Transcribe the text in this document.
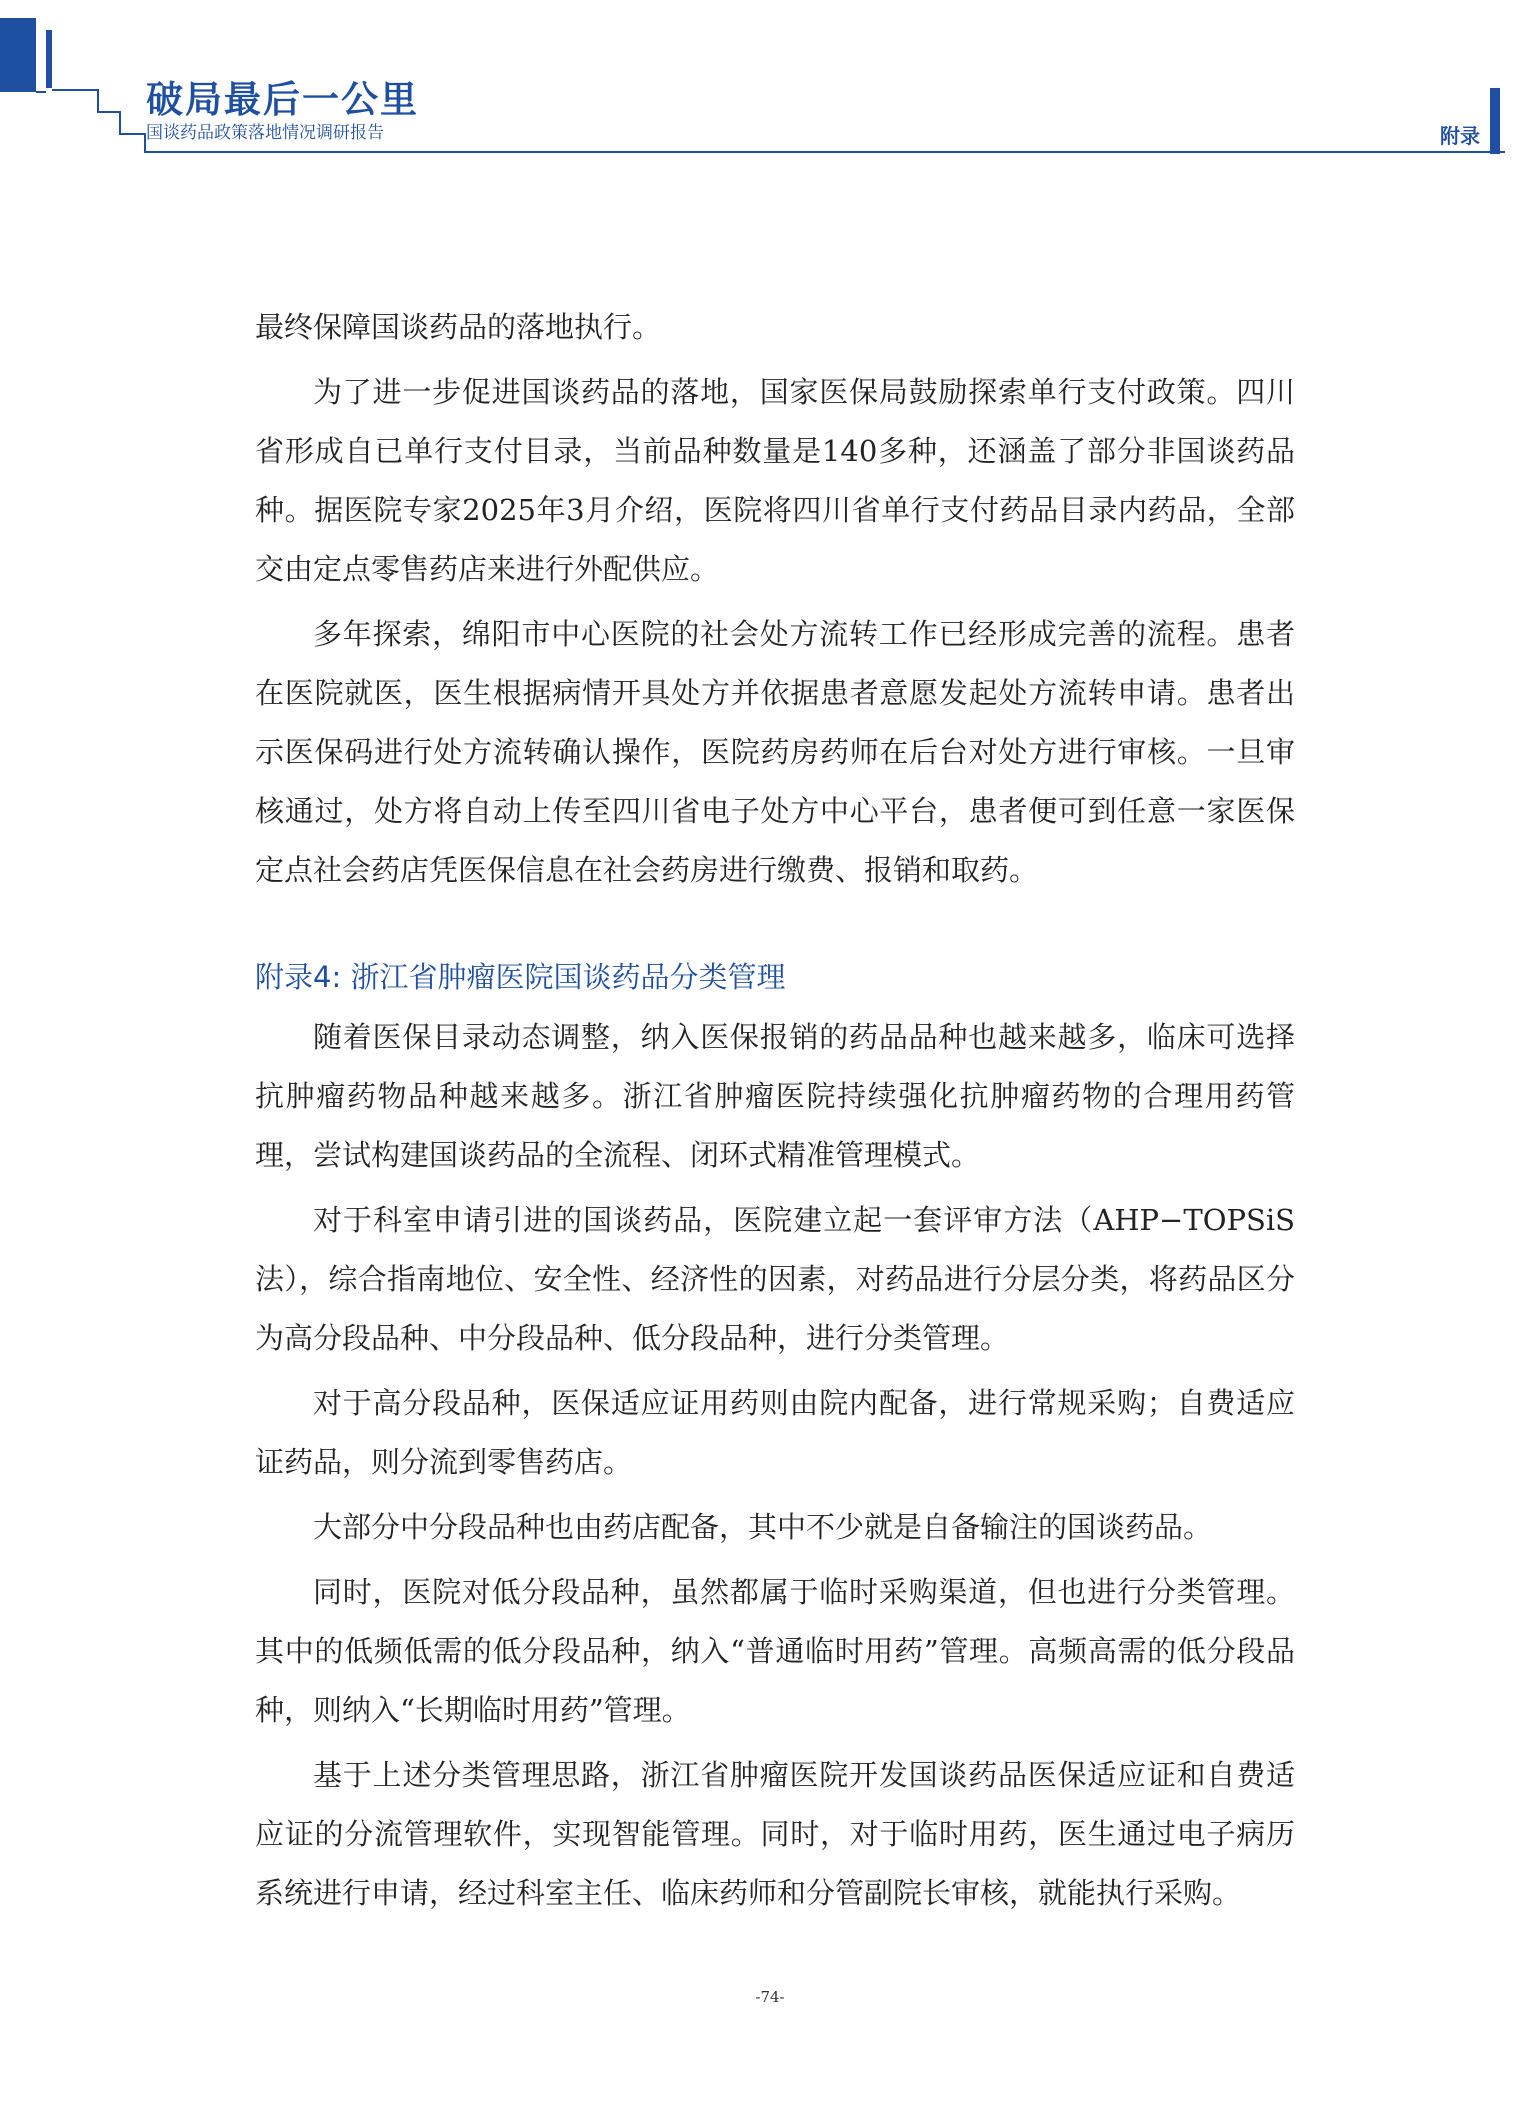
破局最后一公里
国谈药品政策落地情况调研报告	附录

最终保障国谈药品的落地执行。

为了进一步促进国谈药品的落地，国家医保局鼓励探索单行支付政策。四川省形成自已单行支付目录，当前品种数量是140多种，还涵盖了部分非国谈药品种。据医院专家2025年3月介绍，医院将四川省单行支付药品目录内药品，全部交由定点零售药店来进行外配供应。

多年探索，绵阳市中心医院的社会处方流转工作已经形成完善的流程。患者在医院就医，医生根据病情开具处方并依据患者意愿发起处方流转申请。患者出示医保码进行处方流转确认操作，医院药房药师在后台对处方进行审核。一旦审核通过，处方将自动上传至四川省电子处方中心平台，患者便可到任意一家医保定点社会药店凭医保信息在社会药房进行缴费、报销和取药。

附录4: 浙江省肿瘤医院国谈药品分类管理

随着医保目录动态调整，纳入医保报销的药品品种也越来越多，临床可选择抗肿瘤药物品种越来越多。浙江省肿瘤医院持续强化抗肿瘤药物的合理用药管理，尝试构建国谈药品的全流程、闭环式精准管理模式。

对于科室申请引进的国谈药品，医院建立起一套评审方法（AHP−TOPSiS法），综合指南地位、安全性、经济性的因素，对药品进行分层分类，将药品区分为高分段品种、中分段品种、低分段品种，进行分类管理。

对于高分段品种，医保适应证用药则由院内配备，进行常规采购；自费适应证药品，则分流到零售药店。

大部分中分段品种也由药店配备，其中不少就是自备输注的国谈药品。

同时，医院对低分段品种，虽然都属于临时采购渠道，但也进行分类管理。其中的低频低需的低分段品种，纳入“普通临时用药”管理。高频高需的低分段品种，则纳入“长期临时用药”管理。

基于上述分类管理思路，浙江省肿瘤医院开发国谈药品医保适应证和自费适应证的分流管理软件，实现智能管理。同时，对于临时用药，医生通过电子病历系统进行申请，经过科室主任、临床药师和分管副院长审核，就能执行采购。

-74-
